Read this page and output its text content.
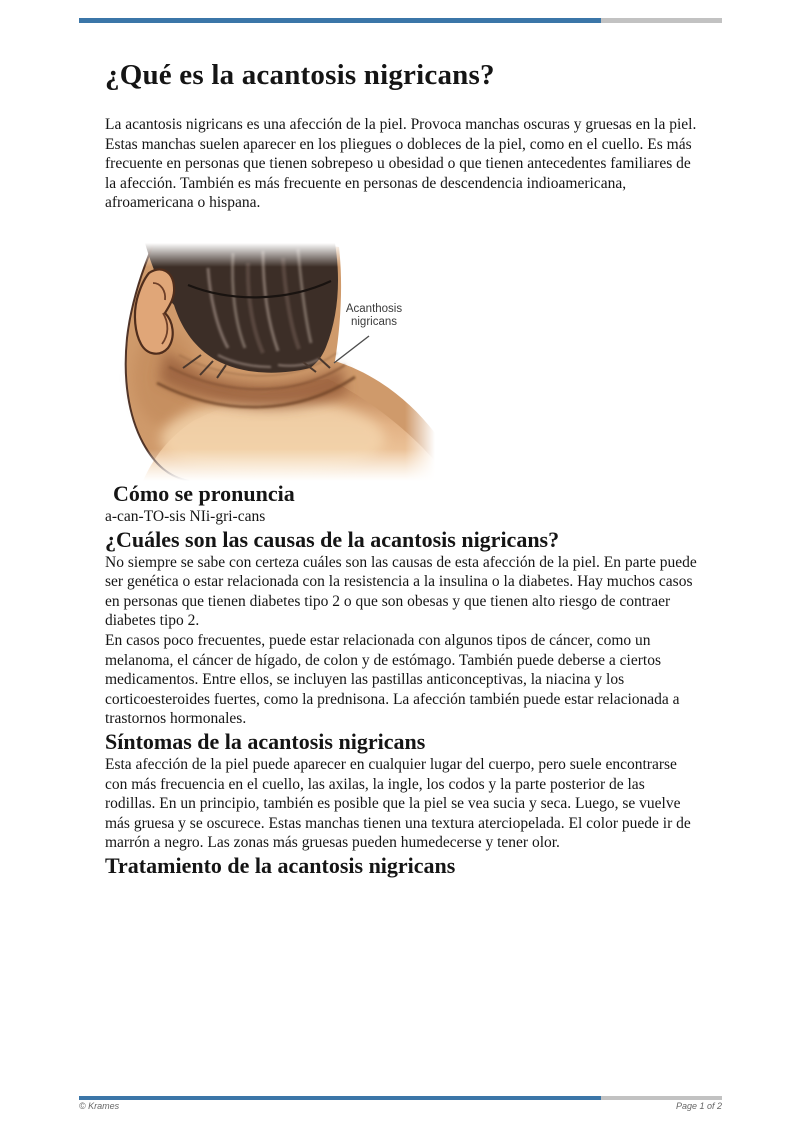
¿Qué es la acantosis nigricans?

La acantosis nigricans es una afección de la piel. Provoca manchas oscuras y gruesas en la piel. Estas manchas suelen aparecer en los pliegues o dobleces de la piel, como en el cuello. Es más frecuente en personas que tienen sobrepeso u obesidad o que tienen antecedentes familiares de la afección. También es más frecuente en personas de descendencia indioamericana, afroamericana o hispana.

Acanthosis nigricans
Cómo se pronuncia

a-can-TO-sis NIi-gri-cans

¿Cuáles son las causas de la acantosis nigricans?

No siempre se sabe con certeza cuáles son las causas de esta afección de la piel. En parte puede ser genética o estar relacionada con la resistencia a la insulina o la diabetes. Hay muchos casos en personas que tienen diabetes tipo 2 o que son obesas y que tienen alto riesgo de contraer diabetes tipo 2.

En casos poco frecuentes, puede estar relacionada con algunos tipos de cáncer, como un melanoma, el cáncer de hígado, de colon y de estómago. También puede deberse a ciertos medicamentos. Entre ellos, se incluyen las pastillas anticonceptivas, la niacina y los corticoesteroides fuertes, como la prednisona. La afección también puede estar relacionada a trastornos hormonales.

Síntomas de la acantosis nigricans

Esta afección de la piel puede aparecer en cualquier lugar del cuerpo, pero suele encontrarse con más frecuencia en el cuello, las axilas, la ingle, los codos y la parte posterior de las rodillas. En un principio, también es posible que la piel se vea sucia y seca. Luego, se vuelve más gruesa y se oscurece. Estas manchas tienen una textura aterciopelada. El color puede ir de marrón a negro. Las zonas más gruesas pueden humedecerse y tener olor.

Tratamiento de la acantosis nigricans
© Krames	Page 1 of 2
